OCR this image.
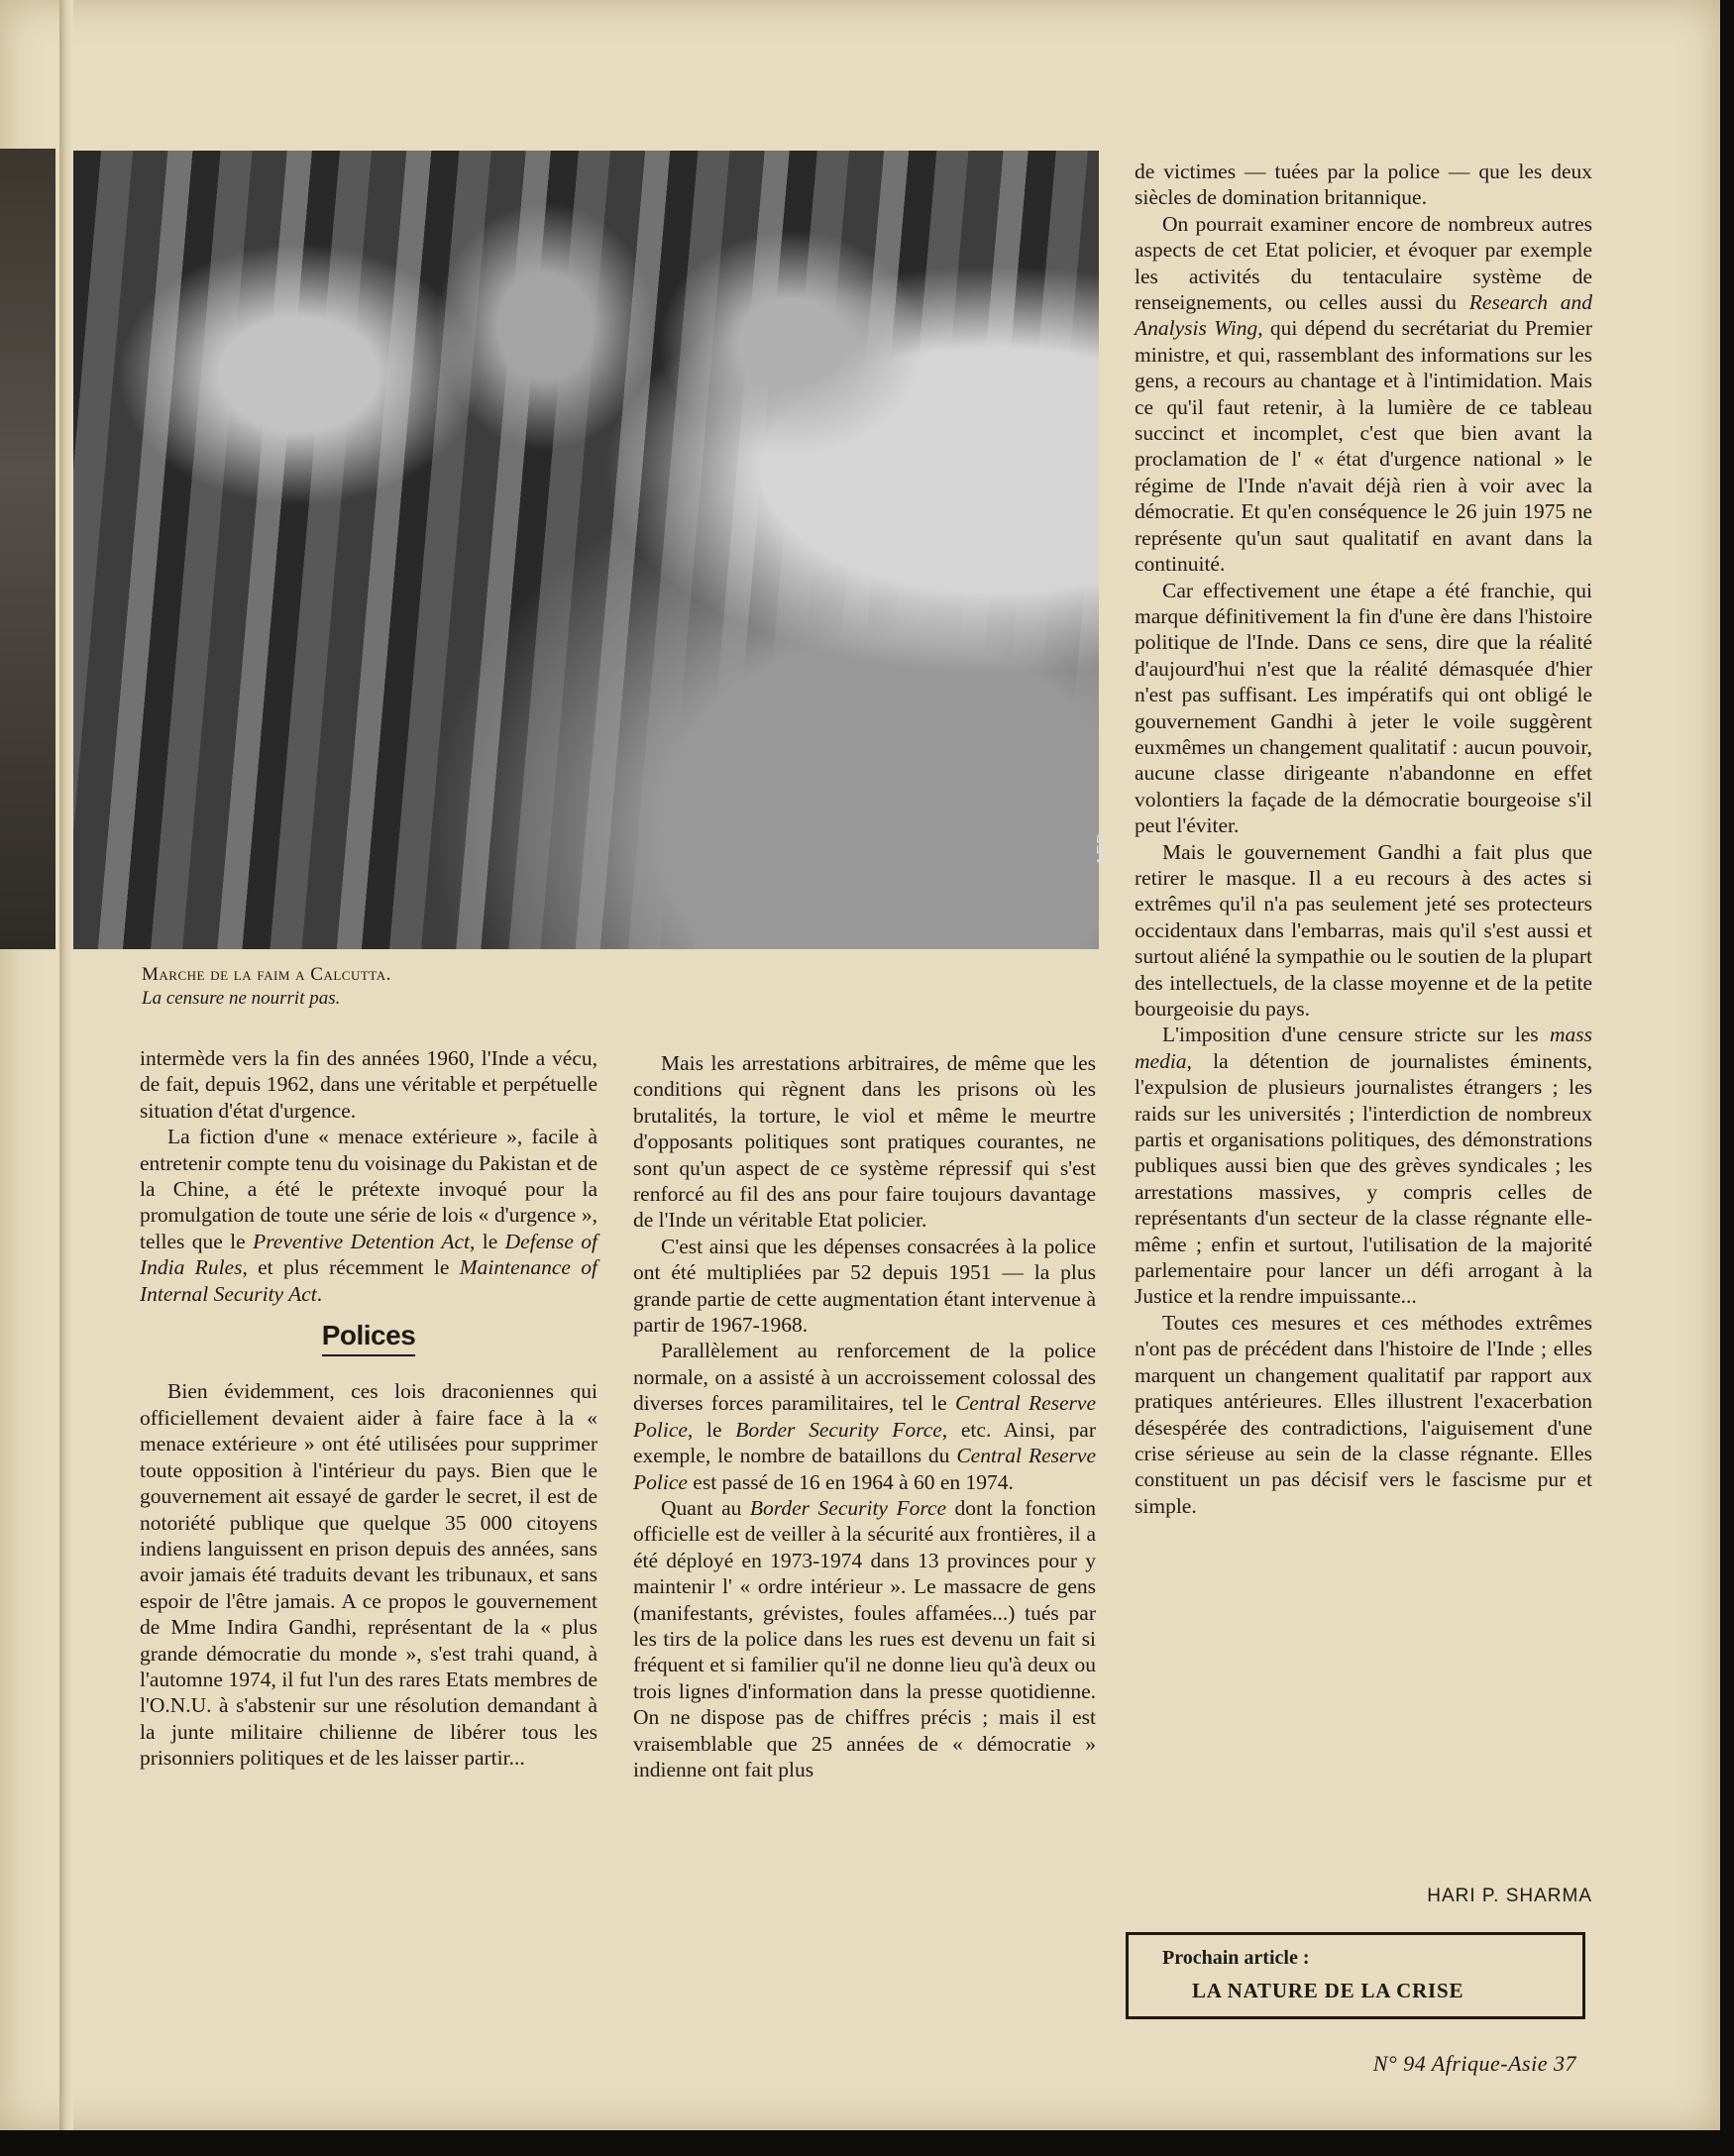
AFP
Marche de la faim a Calcutta.
La censure ne nourrit pas.

intermède vers la fin des années 1960, l'Inde a vécu, de fait, depuis 1962, dans une véritable et perpétuelle situation d'état d'urgence.

La fiction d'une « menace extérieure », facile à entretenir compte tenu du voisinage du Pakistan et de la Chine, a été le prétexte invoqué pour la promulgation de toute une série de lois « d'urgence », telles que le Preventive Detention Act, le Defense of India Rules, et plus récemment le Maintenance of Internal Security Act.

Polices

Bien évidemment, ces lois draconiennes qui officiellement devaient aider à faire face à la « menace extérieure » ont été utilisées pour supprimer toute opposition à l'intérieur du pays. Bien que le gouvernement ait essayé de garder le secret, il est de notoriété publique que quelque 35 000 citoyens indiens languissent en prison depuis des années, sans avoir jamais été traduits devant les tribunaux, et sans espoir de l'être jamais. A ce propos le gouvernement de Mme Indira Gandhi, représentant de la « plus grande démocratie du monde », s'est trahi quand, à l'automne 1974, il fut l'un des rares Etats membres de l'O.N.U. à s'abstenir sur une résolution demandant à la junte militaire chilienne de libérer tous les prisonniers politiques et de les laisser partir...

Mais les arrestations arbitraires, de même que les conditions qui règnent dans les prisons où les brutalités, la torture, le viol et même le meurtre d'opposants politiques sont pratiques courantes, ne sont qu'un aspect de ce système répressif qui s'est renforcé au fil des ans pour faire toujours davantage de l'Inde un véritable Etat policier.

C'est ainsi que les dépenses consacrées à la police ont été multipliées par 52 depuis 1951 — la plus grande partie de cette augmentation étant intervenue à partir de 1967-1968.

Parallèlement au renforcement de la police normale, on a assisté à un accroissement colossal des diverses forces paramilitaires, tel le Central Reserve Police, le Border Security Force, etc. Ainsi, par exemple, le nombre de bataillons du Central Reserve Police est passé de 16 en 1964 à 60 en 1974.

Quant au Border Security Force dont la fonction officielle est de veiller à la sécurité aux frontières, il a été déployé en 1973-1974 dans 13 provinces pour y maintenir l' « ordre intérieur ». Le massacre de gens (manifestants, grévistes, foules affamées...) tués par les tirs de la police dans les rues est devenu un fait si fréquent et si familier qu'il ne donne lieu qu'à deux ou trois lignes d'information dans la presse quotidienne. On ne dispose pas de chiffres précis ; mais il est vraisemblable que 25 années de « démocratie » indienne ont fait plus

de victimes — tuées par la police — que les deux siècles de domination britannique.

On pourrait examiner encore de nombreux autres aspects de cet Etat policier, et évoquer par exemple les activités du tentaculaire système de renseignements, ou celles aussi du Research and Analysis Wing, qui dépend du secrétariat du Premier ministre, et qui, rassemblant des informations sur les gens, a recours au chantage et à l'intimidation. Mais ce qu'il faut retenir, à la lumière de ce tableau succinct et incomplet, c'est que bien avant la proclamation de l' « état d'urgence national » le régime de l'Inde n'avait déjà rien à voir avec la démocratie. Et qu'en conséquence le 26 juin 1975 ne représente qu'un saut qualitatif en avant dans la continuité.

Car effectivement une étape a été franchie, qui marque définitivement la fin d'une ère dans l'histoire politique de l'Inde. Dans ce sens, dire que la réalité d'aujourd'hui n'est que la réalité démasquée d'hier n'est pas suffisant. Les impératifs qui ont obligé le gouvernement Gandhi à jeter le voile suggèrent euxmêmes un changement qualitatif : aucun pouvoir, aucune classe dirigeante n'abandonne en effet volontiers la façade de la démocratie bourgeoise s'il peut l'éviter.

Mais le gouvernement Gandhi a fait plus que retirer le masque. Il a eu recours à des actes si extrêmes qu'il n'a pas seulement jeté ses protecteurs occidentaux dans l'embarras, mais qu'il s'est aussi et surtout aliéné la sympathie ou le soutien de la plupart des intellectuels, de la classe moyenne et de la petite bourgeoisie du pays.

L'imposition d'une censure stricte sur les mass media, la détention de journalistes éminents, l'expulsion de plusieurs journalistes étrangers ; les raids sur les universités ; l'interdiction de nombreux partis et organisations politiques, des démonstrations publiques aussi bien que des grèves syndicales ; les arrestations massives, y compris celles de représentants d'un secteur de la classe régnante elle-même ; enfin et surtout, l'utilisation de la majorité parlementaire pour lancer un défi arrogant à la Justice et la rendre impuissante...

Toutes ces mesures et ces méthodes extrêmes n'ont pas de précédent dans l'histoire de l'Inde ; elles marquent un changement qualitatif par rapport aux pratiques antérieures. Elles illustrent l'exacerbation désespérée des contradictions, l'aiguisement d'une crise sérieuse au sein de la classe régnante. Elles constituent un pas décisif vers le fascisme pur et simple.

HARI P. SHARMA
Prochain article :
LA NATURE DE LA CRISE
N° 94 Afrique-Asie 37
